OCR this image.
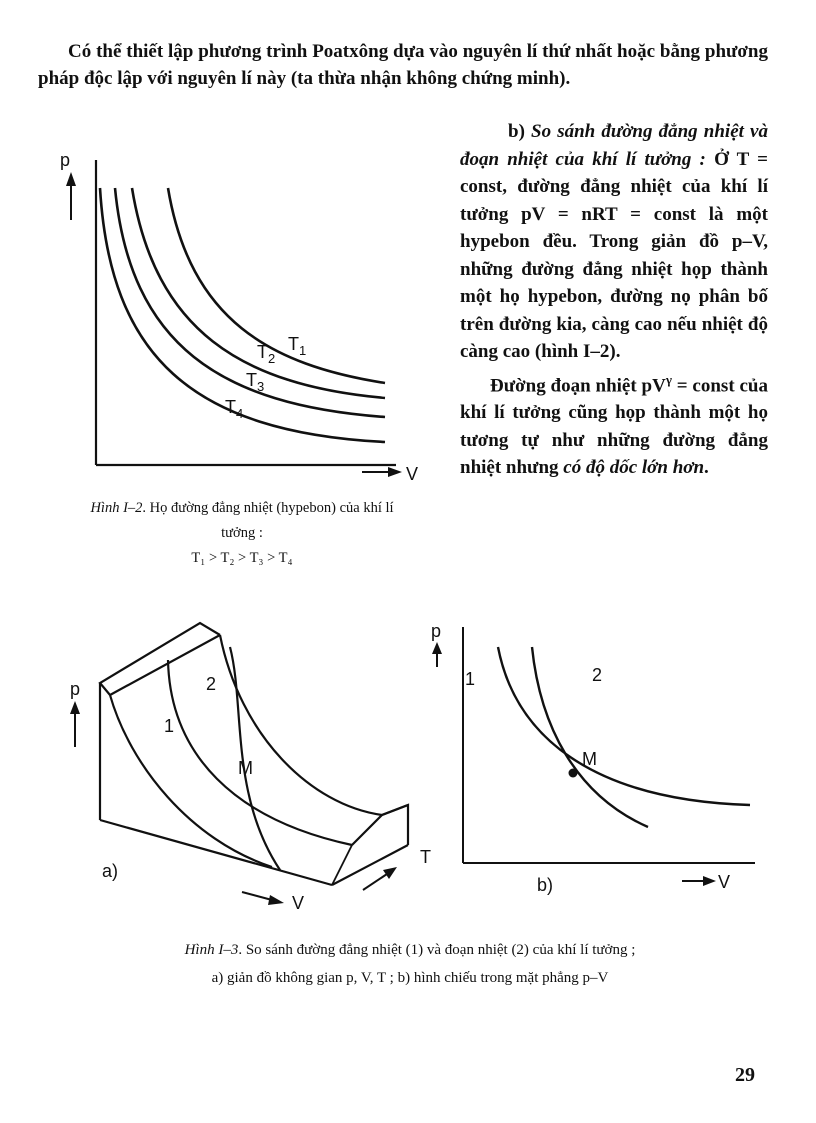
Có thể thiết lập phương trình Poatxông dựa vào nguyên lí thứ nhất hoặc bằng phương pháp độc lập với nguyên lí này (ta thừa nhận không chứng minh).

p
V
$T_1$
$T_2$
$T_3$
$T_4$

Hình I–2. Họ đường đẳng nhiệt (hypebon) của khí lí tưởng :
T₁ > T₂ > T₃ > T₄

b) So sánh đường đẳng nhiệt và đoạn nhiệt của khí lí tưởng : Ở T = const, đường đẳng nhiệt của khí lí tưởng pV = nRT = const là một hypebon đều. Trong giản đồ p–V, những đường đẳng nhiệt họp thành một họ hypebon, đường nọ phân bố trên đường kia, càng cao nếu nhiệt độ càng cao (hình I–2).

Đường đoạn nhiệt $pV^\gamma$ = const của khí lí tưởng cũng họp thành một họ tương tự như những đường đẳng nhiệt nhưng có độ dốc lớn hơn.

p
1
2
M
a)
V
T
p
1	2
M
b)	V

Hình I–3. So sánh đường đẳng nhiệt (1) và đoạn nhiệt (2) của khí lí tưởng ;
a) giản đồ không gian p, V, T ; b) hình chiếu trong mặt phẳng p–V

29
